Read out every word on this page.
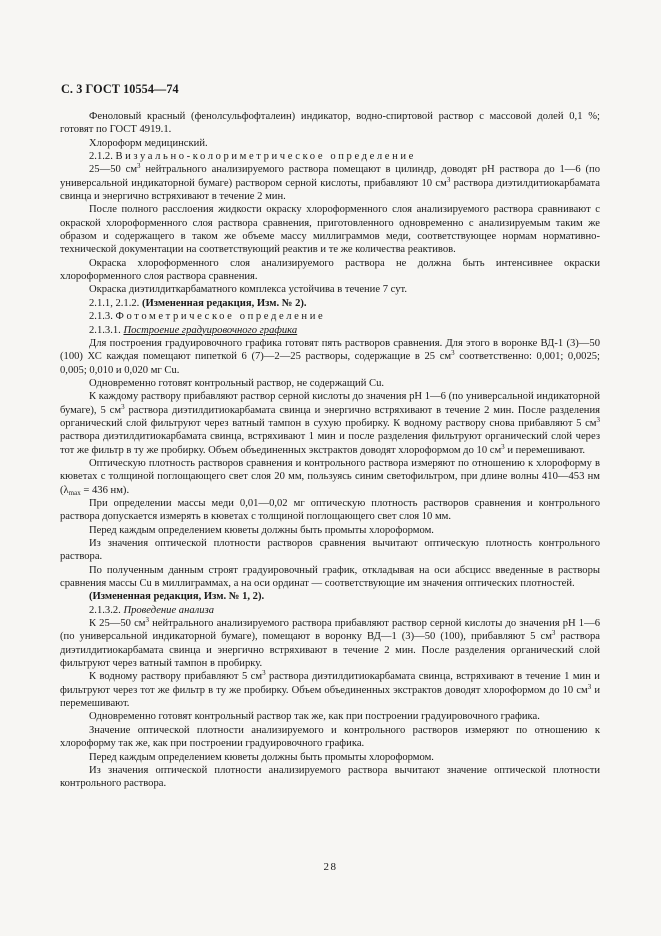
С. 3 ГОСТ 10554—74

Феноловый красный (фенолсульфофталеин) индикатор, водно-спиртовой раствор с массовой долей 0,1 %; готовят по ГОСТ 4919.1.

Хлороформ медицинский.

2.1.2. Визуально-колориметрическое определение

25—50 $см^3$ нейтрального анализируемого раствора помещают в цилиндр, доводят рН раствора до 1—6 (по универсальной индикаторной бумаге) раствором серной кислоты, прибавляют 10 $см^3$ раствора диэтилдитиокарбамата свинца и энергично встряхивают в течение 2 мин.

После полного расслоения жидкости окраску хлороформенного слоя анализируемого раствора сравнивают с окраской хлороформенного слоя раствора сравнения, приготовленного одновременно с анализируемым таким же образом и содержащего в таком же объеме массу миллиграммов меди, соответствующее нормам нормативно-технической документации на соответствующий реактив и те же количества реактивов.

Окраска хлороформенного слоя анализируемого раствора не должна быть интенсивнее окраски хлороформенного слоя раствора сравнения.

Окраска диэтилдиткарбаматного комплекса устойчива в течение 7 сут.

2.1.1, 2.1.2. (Измененная редакция, Изм. № 2).

2.1.3. Фотометрическое определение

2.1.3.1. Построение градуировочного графика

Для построения градуировочного графика готовят пять растворов сравнения. Для этого в воронке ВД-1 (3)—50 (100) ХС каждая помещают пипеткой 6 (7)—2—25 растворы, содержащие в 25 $см^3$ соответственно: 0,001; 0,0025; 0,005; 0,010 и 0,020 мг Cu.

Одновременно готовят контрольный раствор, не содержащий Cu.

К каждому раствору прибавляют раствор серной кислоты до значения рН 1—6 (по универсальной индикаторной бумаге), 5 $см^3$ раствора диэтилдитиокарбамата свинца и энергично встряхивают в течение 2 мин. После разделения органический слой фильтруют через ватный тампон в сухую пробирку. К водному раствору снова прибавляют 5 $см^3$ раствора диэтилдитиокарбамата свинца, встряхивают 1 мин и после разделения фильтруют органический слой через тот же фильтр в ту же пробирку. Объем объединенных экстрактов доводят хлороформом до 10 $см^3$ и перемешивают.

Оптическую плотность растворов сравнения и контрольного раствора измеряют по отношению к хлороформу в кюветах с толщиной поглощающего свет слоя 20 мм, пользуясь синим светофильтром, при длине волны 410—453 нм ($\lambda_{max} = 436$ нм).

При определении массы меди 0,01—0,02 мг оптическую плотность растворов сравнения и контрольного раствора допускается измерять в кюветах с толщиной поглощающего свет слоя 10 мм.

Перед каждым определением кюветы должны быть промыты хлороформом.

Из значения оптической плотности растворов сравнения вычитают оптическую плотность контрольного раствора.

По полученным данным строят градуировочный график, откладывая на оси абсцисс введенные в растворы сравнения массы Cu в миллиграммах, а на оси ординат — соответствующие им значения оптических плотностей.

(Измененная редакция, Изм. № 1, 2).

2.1.3.2. Проведение анализа

К 25—50 $см^3$ нейтрального анализируемого раствора прибавляют раствор серной кислоты до значения рН 1—6 (по универсальной индикаторной бумаге), помещают в воронку ВД—1 (3)—50 (100), прибавляют 5 $см^3$ раствора диэтилдитиокарбамата свинца и энергично встряхивают в течение 2 мин. После разделения органический слой фильтруют через ватный тампон в пробирку.

К водному раствору прибавляют 5 $см^3$ раствора диэтилдитиокарбамата свинца, встряхивают в течение 1 мин и фильтруют через тот же фильтр в ту же пробирку. Объем объединенных экстрактов доводят хлороформом до 10 $см^3$ и перемешивают.

Одновременно готовят контрольный раствор так же, как при построении градуировочного графика.

Значение оптической плотности анализируемого и контрольного растворов измеряют по отношению к хлороформу так же, как при построении градуировочного графика.

Перед каждым определением кюветы должны быть промыты хлороформом.

Из значения оптической плотности анализируемого раствора вычитают значение оптической плотности контрольного раствора.

28
